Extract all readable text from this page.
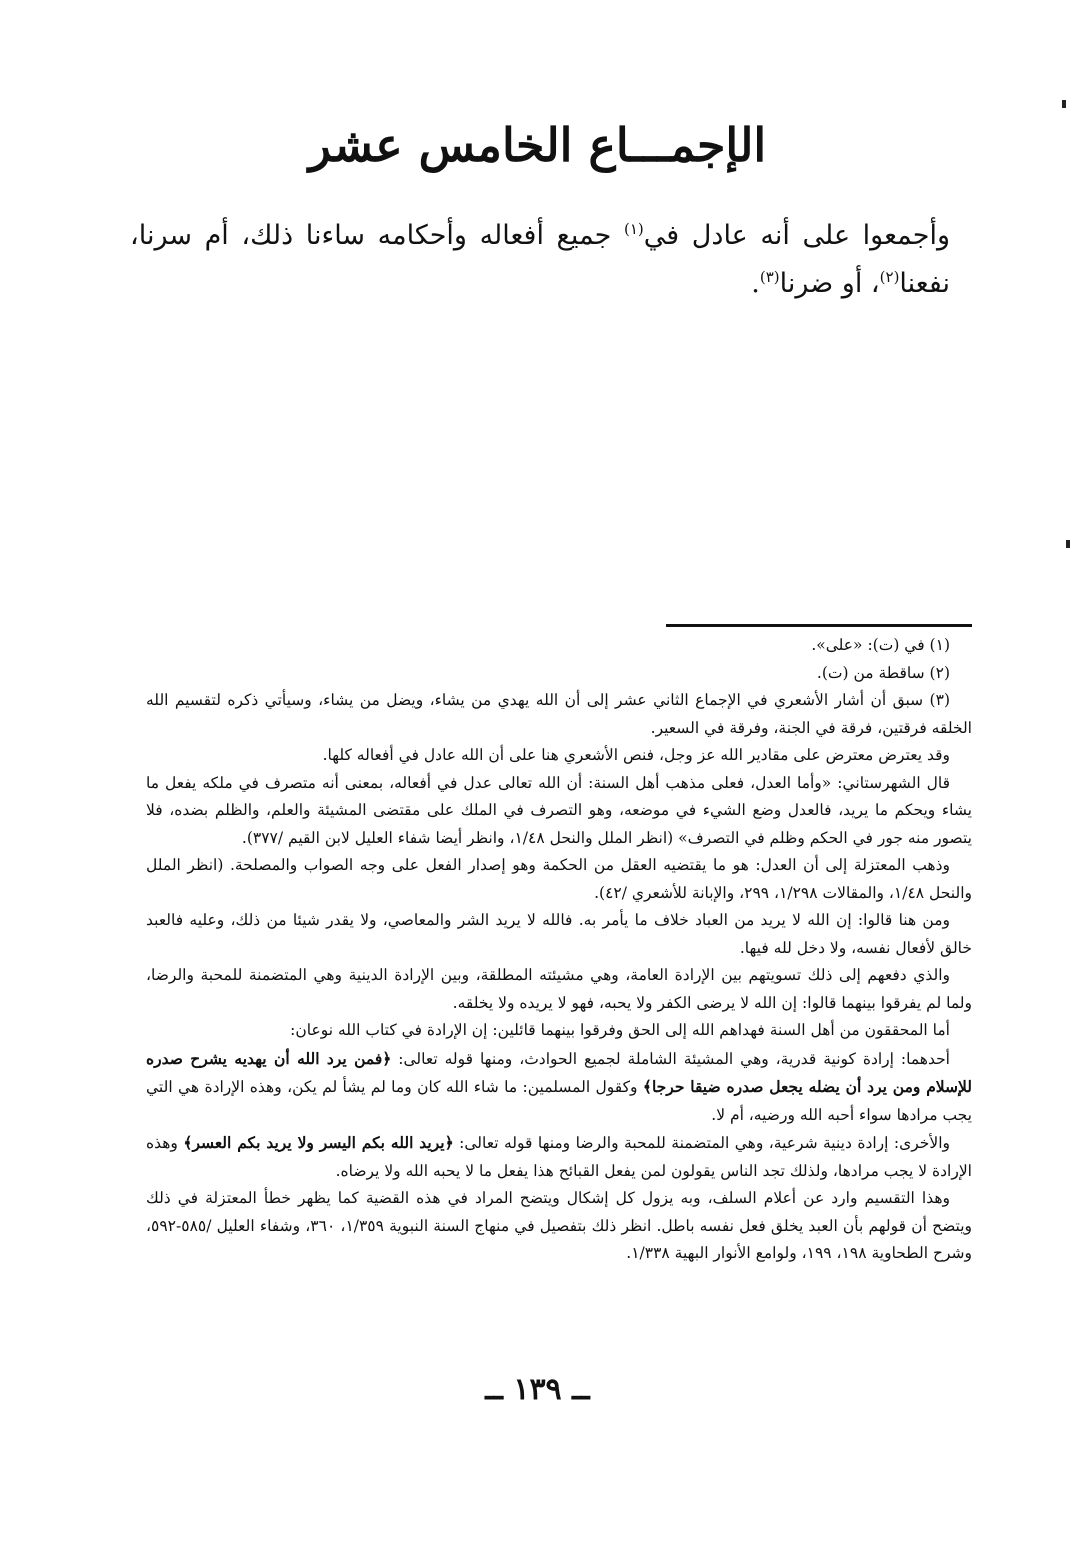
الإجمـــاع الخامس عشر
وأجمعوا على أنه عادل في$^{(١)}$ جميع أفعاله وأحكامه ساءنا ذلك، أم سرنا، نفعنا$^{(٢)}$، أو ضرنا$^{(٣)}$.

(١) في (ت): «على».

(٢) ساقطة من (ت).

(٣) سبق أن أشار الأشعري في الإجماع الثاني عشر إلى أن الله يهدي من يشاء، ويضل من يشاء، وسيأتي ذكره لتقسيم الله الخلقه فرقتين، فرقة في الجنة، وفرقة في السعير.

وقد يعترض معترض على مقادير الله عز وجل، فنص الأشعري هنا على أن الله عادل في أفعاله كلها.

قال الشهرستاني: «وأما العدل، فعلى مذهب أهل السنة: أن الله تعالى عدل في أفعاله، بمعنى أنه متصرف في ملكه يفعل ما يشاء ويحكم ما يريد، فالعدل وضع الشيء في موضعه، وهو التصرف في الملك على مقتضى المشيئة والعلم، والظلم بضده، فلا يتصور منه جور في الحكم وظلم في التصرف» (انظر الملل والنحل ١/٤٨، وانظر أيضا شفاء العليل لابن القيم /٣٧٧).

وذهب المعتزلة إلى أن العدل: هو ما يقتضيه العقل من الحكمة وهو إصدار الفعل على وجه الصواب والمصلحة. (انظر الملل والنحل ١/٤٨، والمقالات ١/٢٩٨، ٢٩٩، والإبانة للأشعري /٤٢).

ومن هنا قالوا: إن الله لا يريد من العباد خلاف ما يأمر به. فالله لا يريد الشر والمعاصي، ولا يقدر شيئا من ذلك، وعليه فالعبد خالق لأفعال نفسه، ولا دخل لله فيها.

والذي دفعهم إلى ذلك تسويتهم بين الإرادة العامة، وهي مشيئته المطلقة، وبين الإرادة الدينية وهي المتضمنة للمحبة والرضا، ولما لم يفرقوا بينهما قالوا: إن الله لا يرضى الكفر ولا يحبه، فهو لا يريده ولا يخلقه.

أما المحققون من أهل السنة فهداهم الله إلى الحق وفرقوا بينهما قائلين: إن الإرادة في كتاب الله نوعان:

أحدهما: إرادة كونية قدرية، وهي المشيئة الشاملة لجميع الحوادث، ومنها قوله تعالى: ﴿فمن يرد الله أن يهديه يشرح صدره للإسلام ومن يرد أن يضله يجعل صدره ضيقا حرجا﴾ وكقول المسلمين: ما شاء الله كان وما لم يشأ لم يكن، وهذه الإرادة هي التي يجب مرادها سواء أحبه الله ورضيه، أم لا.

والأخرى: إرادة دينية شرعية، وهي المتضمنة للمحبة والرضا ومنها قوله تعالى: ﴿يريد الله بكم اليسر ولا يريد بكم العسر﴾ وهذه الإرادة لا يجب مرادها، ولذلك تجد الناس يقولون لمن يفعل القبائح هذا يفعل ما لا يحبه الله ولا يرضاه.

وهذا التقسيم وارد عن أعلام السلف، وبه يزول كل إشكال ويتضح المراد في هذه القضية كما يظهر خطأ المعتزلة في ذلك ويتضح أن قولهم بأن العبد يخلق فعل نفسه باطل. انظر ذلك بتفصيل في منهاج السنة النبوية ١/٣٥٩، ٣٦٠، وشفاء العليل /٥٨٥-٥٩٢، وشرح الطحاوية ١٩٨، ١٩٩، ولوامع الأنوار البهية ١/٣٣٨.

ــ ١٣٩ ــ
